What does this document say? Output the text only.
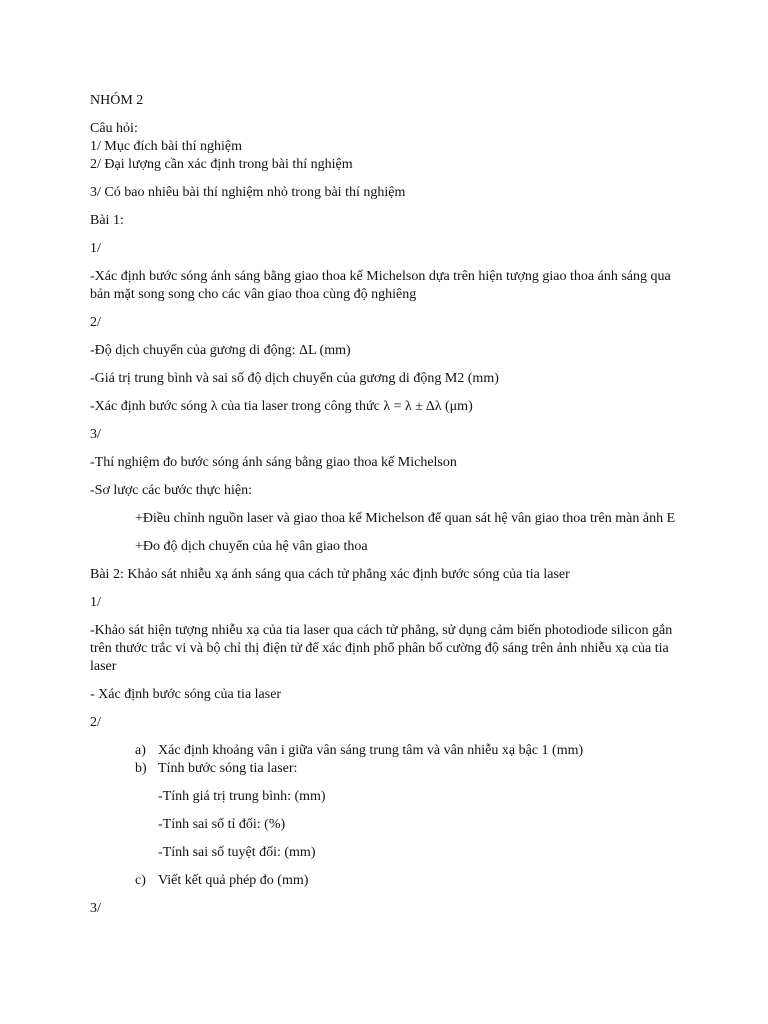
NHÓM 2
Câu hỏi:
1/ Mục đích bài thí nghiệm
2/ Đại lượng cần xác định trong bài thí nghiệm
3/ Có bao nhiêu bài thí nghiệm nhỏ trong bài thí nghiệm
Bài 1:
1/
-Xác định bước sóng ánh sáng bằng giao thoa kế Michelson dựa trên hiện tượng giao thoa ánh sáng qua bản mặt song song cho các vân giao thoa cùng độ nghiêng
2/
-Độ dịch chuyển của gương di động: ΔL (mm)
-Giá trị trung bình và sai số độ dịch chuyển của gương di động M2 (mm)
-Xác định bước sóng λ của tia laser trong công thức λ = λ ± Δλ (μm)
3/
-Thí nghiệm đo bước sóng ánh sáng bằng giao thoa kế Michelson
-Sơ lược các bước thực hiện:
+Điều chỉnh nguồn laser và giao thoa kế Michelson để quan sát hệ vân giao thoa trên màn ảnh E
+Đo độ dịch chuyển của hệ vân giao thoa
Bài 2: Khảo sát nhiễu xạ ánh sáng qua cách tử phẳng xác định bước sóng của tia laser
1/
-Khảo sát hiện tượng nhiễu xạ của tia laser qua cách tử phẳng, sử dụng cảm biến photodiode silicon gắn trên thước trắc vi và bộ chỉ thị điện tử để xác định phổ phân bố cường độ sáng trên ảnh nhiễu xạ của tia laser
- Xác định bước sóng của tia laser
2/
a) Xác định khoảng vân i giữa vân sáng trung tâm và vân nhiễu xạ bậc 1 (mm)
b) Tính bước sóng tia laser:
-Tính giá trị trung bình: (mm)
-Tính sai số tỉ đối: (%)
-Tính sai số tuyệt đối: (mm)
c) Viết kết quả phép đo (mm)
3/
